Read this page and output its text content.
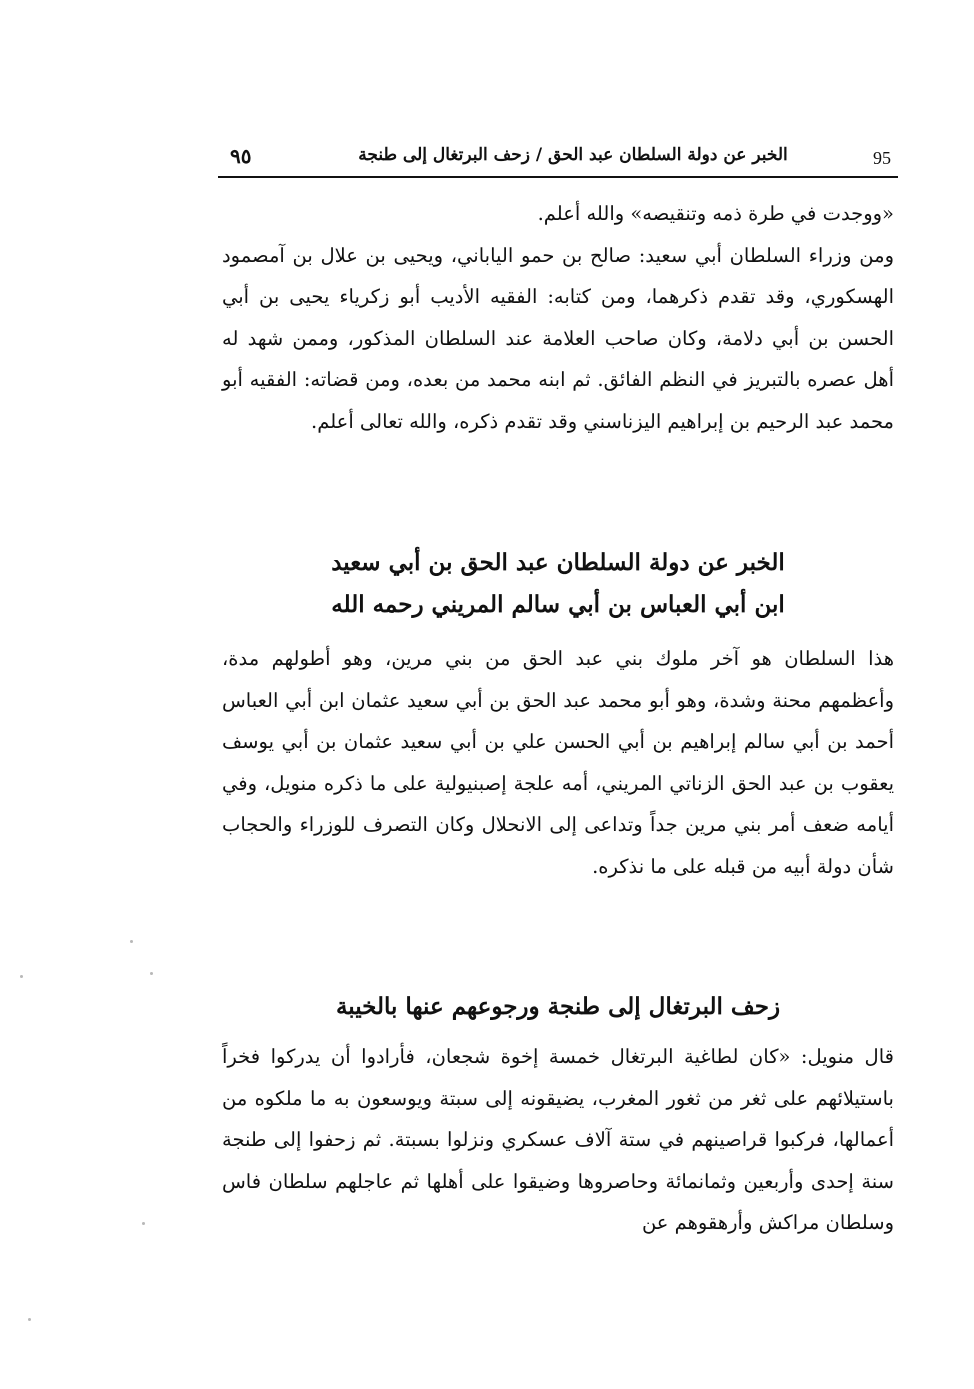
95
الخبر عن دولة السلطان عبد الحق / زحف البرتغال إلى طنجة
٩٥

«ووجدت في طرة ذمه وتنقيصه» والله أعلم.

ومن وزراء السلطان أبي سعيد: صالح بن حمو الياباني، ويحيى بن علال بن آمصمود الهسكوري، وقد تقدم ذكرهما، ومن كتابه: الفقيه الأديب أبو زكرياء يحيى بن أبي الحسن بن أبي دلامة، وكان صاحب العلامة عند السلطان المذكور، وممن شهد له أهل عصره بالتبريز في النظم الفائق. ثم ابنه محمد من بعده، ومن قضاته: الفقيه أبو محمد عبد الرحيم بن إبراهيم اليزناسني وقد تقدم ذكره، والله تعالى أعلم.

الخبر عن دولة السلطان عبد الحق بن أبي سعيد
ابن أبي العباس بن أبي سالم المريني رحمه الله

هذا السلطان هو آخر ملوك بني عبد الحق من بني مرين، وهو أطولهم مدة، وأعظمهم محنة وشدة، وهو أبو محمد عبد الحق بن أبي سعيد عثمان ابن أبي العباس أحمد بن أبي سالم إبراهيم بن أبي الحسن علي بن أبي سعيد عثمان بن أبي يوسف يعقوب بن عبد الحق الزناتي المريني، أمه علجة إصبنيولية على ما ذكره منويل، وفي أيامه ضعف أمر بني مرين جداً وتداعى إلى الانحلال وكان التصرف للوزراء والحجاب شأن دولة أبيه من قبله على ما نذكره.

زحف البرتغال إلى طنجة ورجوعهم عنها بالخيبة

قال منويل: «كان لطاغية البرتغال خمسة إخوة شجعان، فأرادوا أن يدركوا فخراً باستيلائهم على ثغر من ثغور المغرب، يضيقونه إلى سبتة ويوسعون به ما ملكوه من أعمالها، فركبوا قراصينهم في ستة آلاف عسكري ونزلوا بسبتة. ثم زحفوا إلى طنجة سنة إحدى وأربعين وثمانمائة وحاصروها وضيقوا على أهلها ثم عاجلهم سلطان فاس وسلطان مراكش وأرهقوهم عن
